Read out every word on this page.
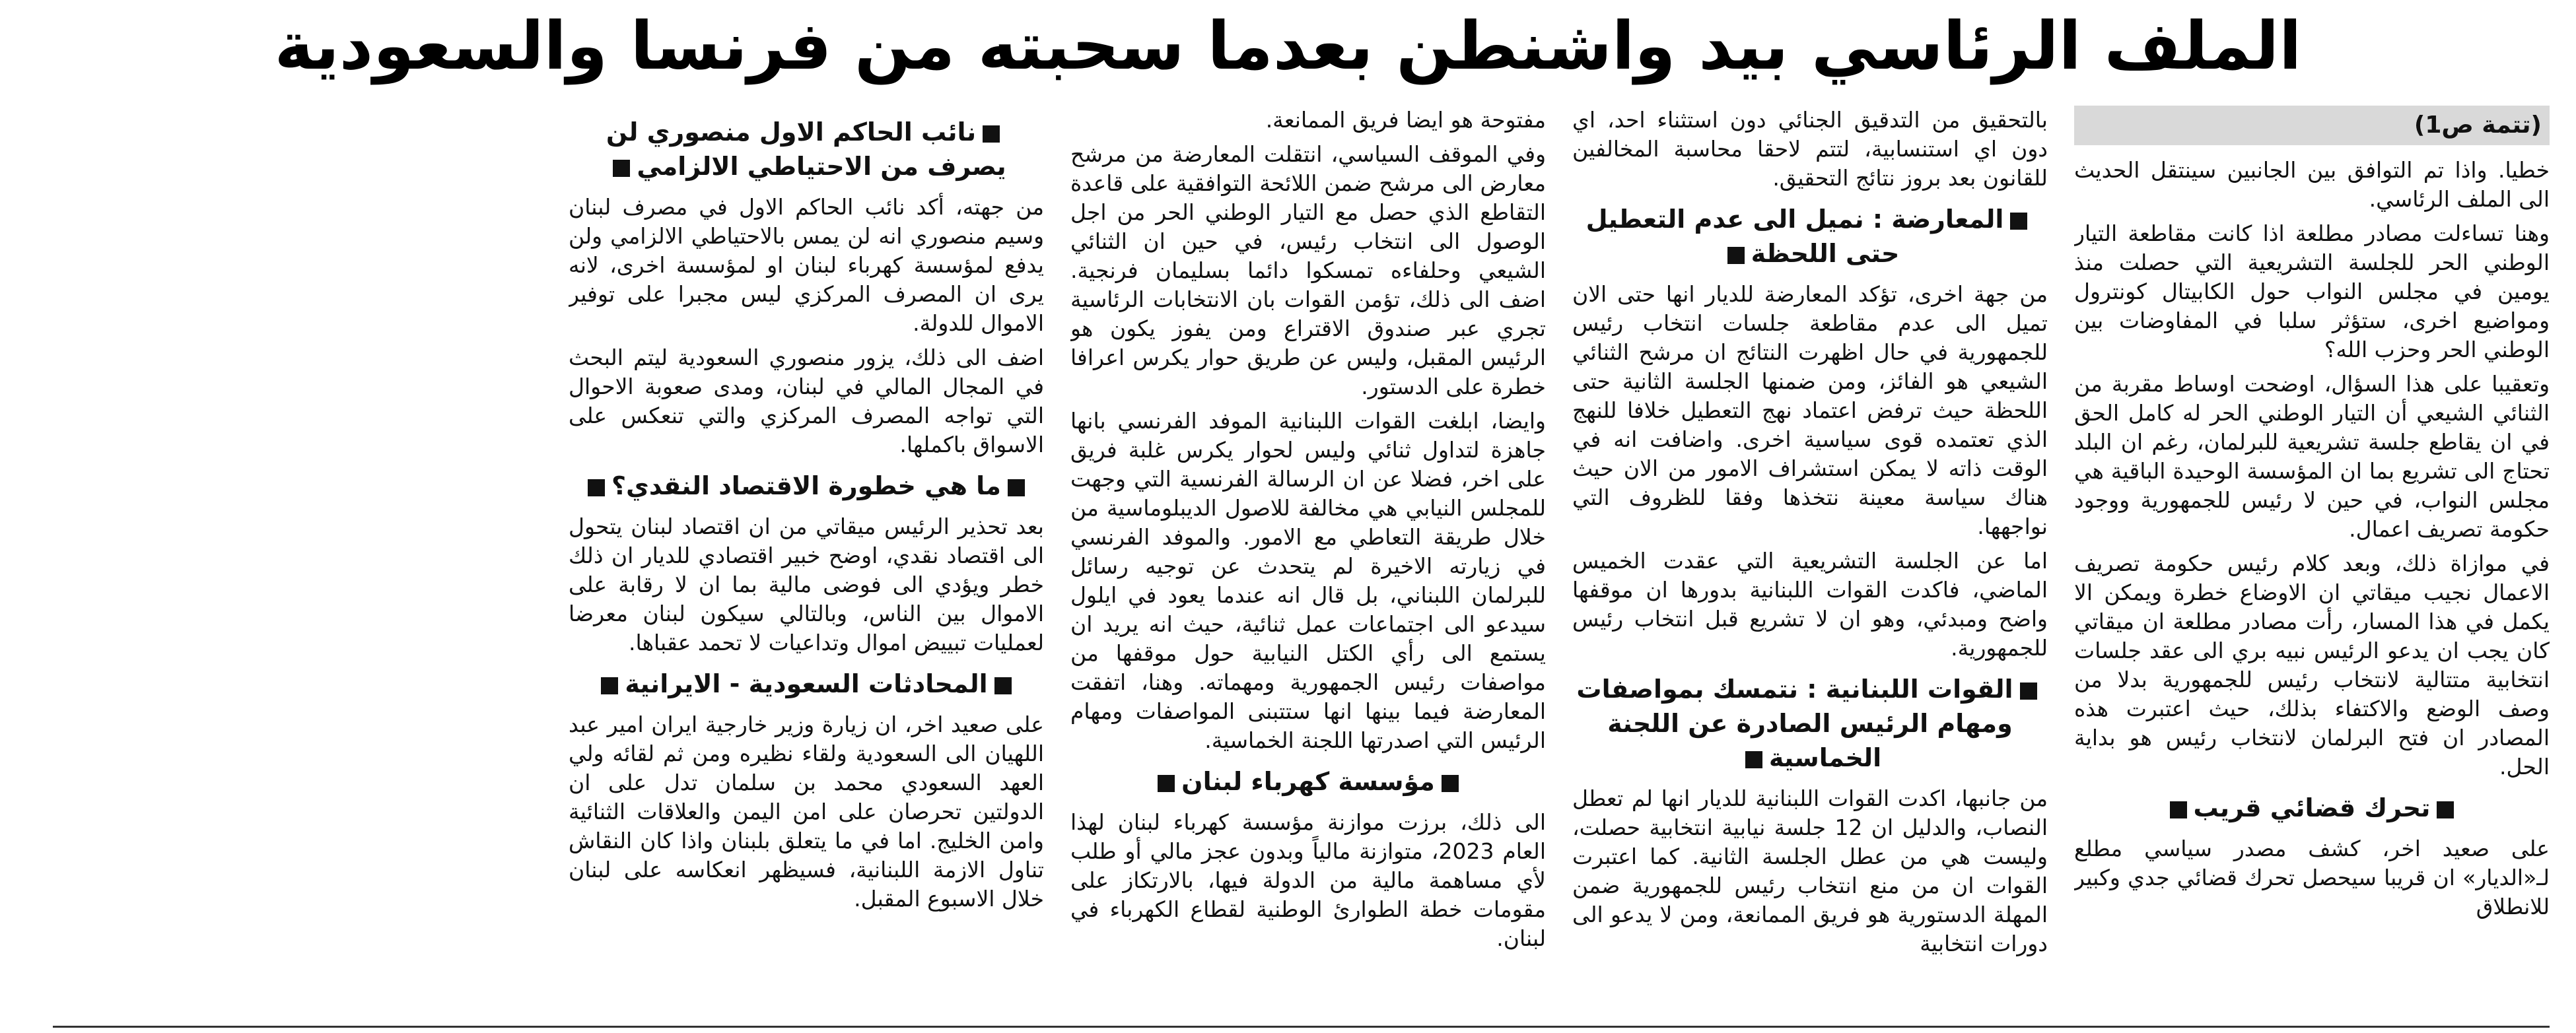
الملف الرئاسي بيد واشنطن بعدما سحبته من فرنسا والسعودية
(تتمة ص1)

خطيا. واذا تم التوافق بين الجانبين سينتقل الحديث الى الملف الرئاسي.

وهنا تساءلت مصادر مطلعة اذا كانت مقاطعة التيار الوطني الحر للجلسة التشريعية التي حصلت منذ يومين في مجلس النواب حول الكابيتال كونترول ومواضيع اخرى، ستؤثر سلبا في المفاوضات بين الوطني الحر وحزب الله؟

وتعقيبا على هذا السؤال، اوضحت اوساط مقربة من الثنائي الشيعي أن التيار الوطني الحر له كامل الحق في ان يقاطع جلسة تشريعية للبرلمان، رغم ان البلد تحتاج الى تشريع بما ان المؤسسة الوحيدة الباقية هي مجلس النواب، في حين لا رئيس للجمهورية ووجود حكومة تصريف اعمال.

في موازاة ذلك، وبعد كلام رئيس حكومة تصريف الاعمال نجيب ميقاتي ان الاوضاع خطرة ويمكن الا يكمل في هذا المسار، رأت مصادر مطلعة ان ميقاتي كان يجب ان يدعو الرئيس نبيه بري الى عقد جلسات انتخابية متتالية لانتخاب رئيس للجمهورية بدلا من وصف الوضع والاكتفاء بذلك، حيث اعتبرت هذه المصادر ان فتح البرلمان لانتخاب رئيس هو بداية الحل.

تحرك قضائي قريب

على صعيد اخر، كشف مصدر سياسي مطلع لـ«الديار» ان قريبا سيحصل تحرك قضائي جدي وكبير للانطلاق

بالتحقيق من التدقيق الجنائي دون استثناء احد، اي دون اي استنسابية، لتتم لاحقا محاسبة المخالفين للقانون بعد بروز نتائج التحقيق.

المعارضة : نميل الى عدم التعطيل حتى اللحظة

من جهة اخرى، تؤكد المعارضة للديار انها حتى الان تميل الى عدم مقاطعة جلسات انتخاب رئيس للجمهورية في حال اظهرت النتائج ان مرشح الثنائي الشيعي هو الفائز، ومن ضمنها الجلسة الثانية حتى اللحظة حيث ترفض اعتماد نهج التعطيل خلافا للنهج الذي تعتمده قوى سياسية اخرى. واضافت انه في الوقت ذاته لا يمكن استشراف الامور من الان حيث هناك سياسة معينة نتخذها وفقا للظروف التي نواجهها.

اما عن الجلسة التشريعية التي عقدت الخميس الماضي، فاكدت القوات اللبنانية بدورها ان موقفها واضح ومبدئي، وهو ان لا تشريع قبل انتخاب رئيس للجمهورية.

القوات اللبنانية : نتمسك بمواصفات ومهام الرئيس الصادرة عن اللجنة الخماسية

من جانبها، اكدت القوات اللبنانية للديار انها لم تعطل النصاب، والدليل ان 12 جلسة نيابية انتخابية حصلت، وليست هي من عطل الجلسة الثانية. كما اعتبرت القوات ان من منع انتخاب رئيس للجمهورية ضمن المهلة الدستورية هو فريق الممانعة، ومن لا يدعو الى دورات انتخابية

مفتوحة هو ايضا فريق الممانعة.

وفي الموقف السياسي، انتقلت المعارضة من مرشح معارض الى مرشح ضمن اللائحة التوافقية على قاعدة التقاطع الذي حصل مع التيار الوطني الحر من اجل الوصول الى انتخاب رئيس، في حين ان الثنائي الشيعي وحلفاءه تمسكوا دائما بسليمان فرنجية. اضف الى ذلك، تؤمن القوات بان الانتخابات الرئاسية تجري عبر صندوق الاقتراع ومن يفوز يكون هو الرئيس المقبل، وليس عن طريق حوار يكرس اعرافا خطرة على الدستور.

وايضا، ابلغت القوات اللبنانية الموفد الفرنسي بانها جاهزة لتداول ثنائي وليس لحوار يكرس غلبة فريق على اخر، فضلا عن ان الرسالة الفرنسية التي وجهت للمجلس النيابي هي مخالفة للاصول الديبلوماسية من خلال طريقة التعاطي مع الامور. والموفد الفرنسي في زيارته الاخيرة لم يتحدث عن توجيه رسائل للبرلمان اللبناني، بل قال انه عندما يعود في ايلول سيدعو الى اجتماعات عمل ثنائية، حيث انه يريد ان يستمع الى رأي الكتل النيابية حول موقفها من مواصفات رئيس الجمهورية ومهماته. وهنا، اتفقت المعارضة فيما بينها انها ستتبنى المواصفات ومهام الرئيس التي اصدرتها اللجنة الخماسية.

مؤسسة كهرباء لبنان

الى ذلك، برزت موازنة مؤسسة كهرباء لبنان لهذا العام 2023، متوازنة مالياً وبدون عجز مالي أو طلب لأي مساهمة مالية من الدولة فيها، بالارتكاز على مقومات خطة الطوارئ الوطنية لقطاع الكهرباء في لبنان.

نائب الحاكم الاول منصوري لن يصرف من الاحتياطي الالزامي

من جهته، أكد نائب الحاكم الاول في مصرف لبنان وسيم منصوري انه لن يمس بالاحتياطي الالزامي ولن يدفع لمؤسسة كهرباء لبنان او لمؤسسة اخرى، لانه يرى ان المصرف المركزي ليس مجبرا على توفير الاموال للدولة.

اضف الى ذلك، يزور منصوري السعودية ليتم البحث في المجال المالي في لبنان، ومدى صعوبة الاحوال التي تواجه المصرف المركزي والتي تنعكس على الاسواق باكملها.

ما هي خطورة الاقتصاد النقدي؟

بعد تحذير الرئيس ميقاتي من ان اقتصاد لبنان يتحول الى اقتصاد نقدي، اوضح خبير اقتصادي للديار ان ذلك خطر ويؤدي الى فوضى مالية بما ان لا رقابة على الاموال بين الناس، وبالتالي سيكون لبنان معرضا لعمليات تبييض اموال وتداعيات لا تحمد عقباها.

المحادثات السعودية - الايرانية

على صعيد اخر، ان زيارة وزير خارجية ايران امير عبد اللهيان الى السعودية ولقاء نظيره ومن ثم لقائه ولي العهد السعودي محمد بن سلمان تدل على ان الدولتين تحرصان على امن اليمن والعلاقات الثنائية وامن الخليج. اما في ما يتعلق بلبنان واذا كان النقاش تناول الازمة اللبنانية، فسيظهر انعكاسه على لبنان خلال الاسبوع المقبل.
